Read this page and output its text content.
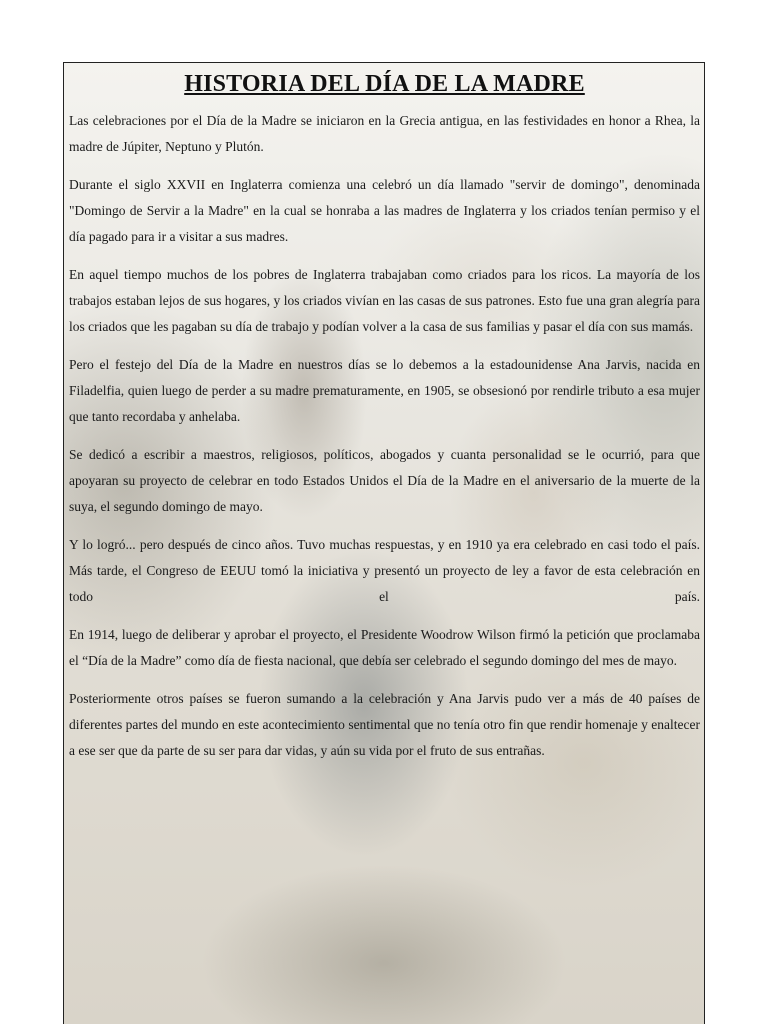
HISTORIA DEL DÍA DE LA MADRE

Las celebraciones por el Día de la Madre se iniciaron en la Grecia antigua, en las festividades en honor a Rhea, la madre de Júpiter, Neptuno y Plutón.

Durante el siglo XXVII en Inglaterra comienza una celebró un día llamado "servir de domingo", denominada "Domingo de Servir a la Madre" en la cual se honraba a las madres de Inglaterra y los criados tenían permiso y el día pagado para ir a visitar a sus madres.

En aquel tiempo muchos de los pobres de Inglaterra trabajaban como criados para los ricos. La mayoría de los trabajos estaban lejos de sus hogares, y los criados vivían en las casas de sus patrones. Esto fue una gran alegría para los criados que les pagaban su día de trabajo y podían volver a la casa de sus familias y pasar el día con sus mamás.

Pero el festejo del Día de la Madre en nuestros días se lo debemos a la estadounidense Ana Jarvis, nacida en Filadelfia, quien luego de perder a su madre prematuramente, en 1905, se obsesionó por rendirle tributo a esa mujer que tanto recordaba y anhelaba.

Se dedicó a escribir a maestros, religiosos, políticos, abogados y cuanta personalidad se le ocurrió, para que apoyaran su proyecto de celebrar en todo Estados Unidos el Día de la Madre en el aniversario de la muerte de la suya, el segundo domingo de mayo.

Y lo logró... pero después de cinco años. Tuvo muchas respuestas, y en 1910 ya era celebrado en casi todo el país. Más tarde, el Congreso de EEUU tomó la iniciativa y presentó un proyecto de ley a favor de esta celebración en todo el país.

En 1914, luego de deliberar y aprobar el proyecto, el Presidente Woodrow Wilson firmó la petición que proclamaba el “Día de la Madre” como día de fiesta nacional, que debía ser celebrado el segundo domingo del mes de mayo.

Posteriormente otros países se fueron sumando a la celebración y Ana Jarvis pudo ver a más de 40 países de diferentes partes del mundo en este acontecimiento sentimental que no tenía otro fin que rendir homenaje y enaltecer a ese ser que da parte de su ser para dar vidas, y aún su vida por el fruto de sus entrañas.
